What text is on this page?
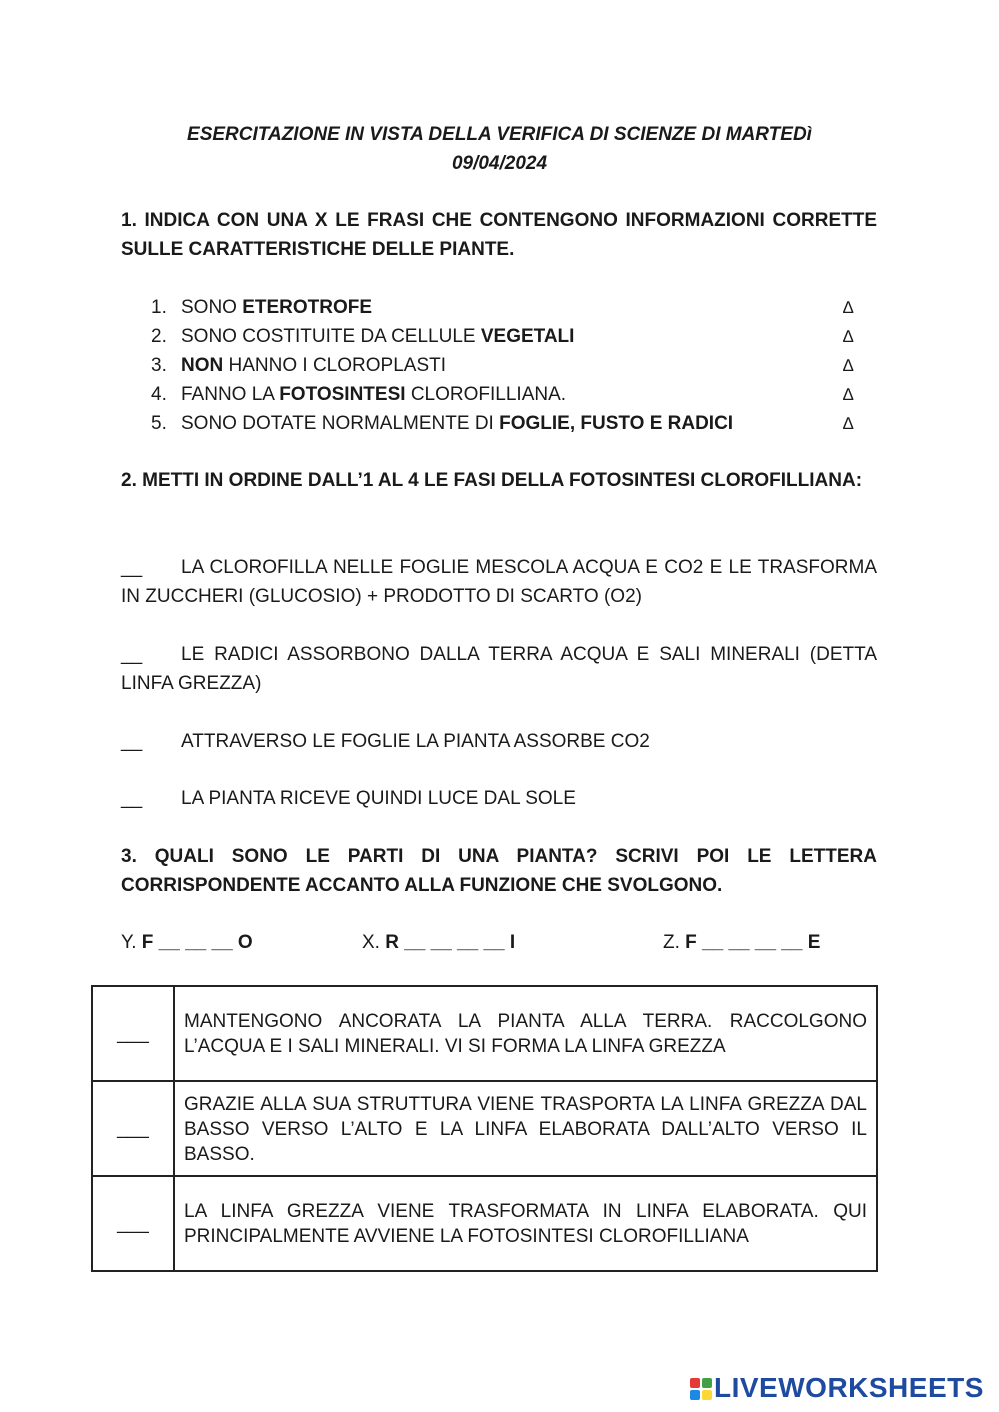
ESERCITAZIONE IN VISTA DELLA VERIFICA DI SCIENZE DI MARTEDì
09/04/2024
1. INDICA CON UNA X LE FRASI CHE CONTENGONO INFORMAZIONI CORRETTE SULLE CARATTERISTICHE DELLE PIANTE.
1. SONO ETEROTROFE	∆
2. SONO COSTITUITE DA CELLULE VEGETALI	∆
3. NON HANNO I CLOROPLASTI	∆
4. FANNO LA FOTOSINTESI CLOROFILLIANA.	∆
5. SONO DOTATE NORMALMENTE DI FOGLIE, FUSTO E RADICI	∆
2. METTI IN ORDINE DALL’1 AL 4 LE FASI DELLA FOTOSINTESI CLOROFILLIANA:
__ LA CLOROFILLA NELLE FOGLIE MESCOLA ACQUA E CO2 E LE TRASFORMA IN ZUCCHERI (GLUCOSIO) + PRODOTTO DI SCARTO (O2)
__ LE RADICI ASSORBONO DALLA TERRA ACQUA E SALI MINERALI (DETTA LINFA GREZZA)
__ ATTRAVERSO LE FOGLIE LA PIANTA ASSORBE CO2
__ LA PIANTA RICEVE QUINDI LUCE DAL SOLE
3. QUALI SONO LE PARTI DI UNA PIANTA? SCRIVI POI LE LETTERA CORRISPONDENTE ACCANTO ALLA FUNZIONE CHE SVOLGONO.
Y. F __ __ __ O	X. R __ __ __ __ I	Z. F __ __ __ __ E
___	MANTENGONO ANCORATA LA PIANTA ALLA TERRA. RACCOLGONO L’ACQUA E I SALI MINERALI. VI SI FORMA LA LINFA GREZZA
___	GRAZIE ALLA SUA STRUTTURA VIENE TRASPORTA LA LINFA GREZZA DAL BASSO VERSO L’ALTO E LA LINFA ELABORATA DALL’ALTO VERSO IL BASSO.
___	LA LINFA GREZZA VIENE TRASFORMATA IN LINFA ELABORATA. QUI PRINCIPALMENTE AVVIENE LA FOTOSINTESI CLOROFILLIANA
LIVEWORKSHEETS
